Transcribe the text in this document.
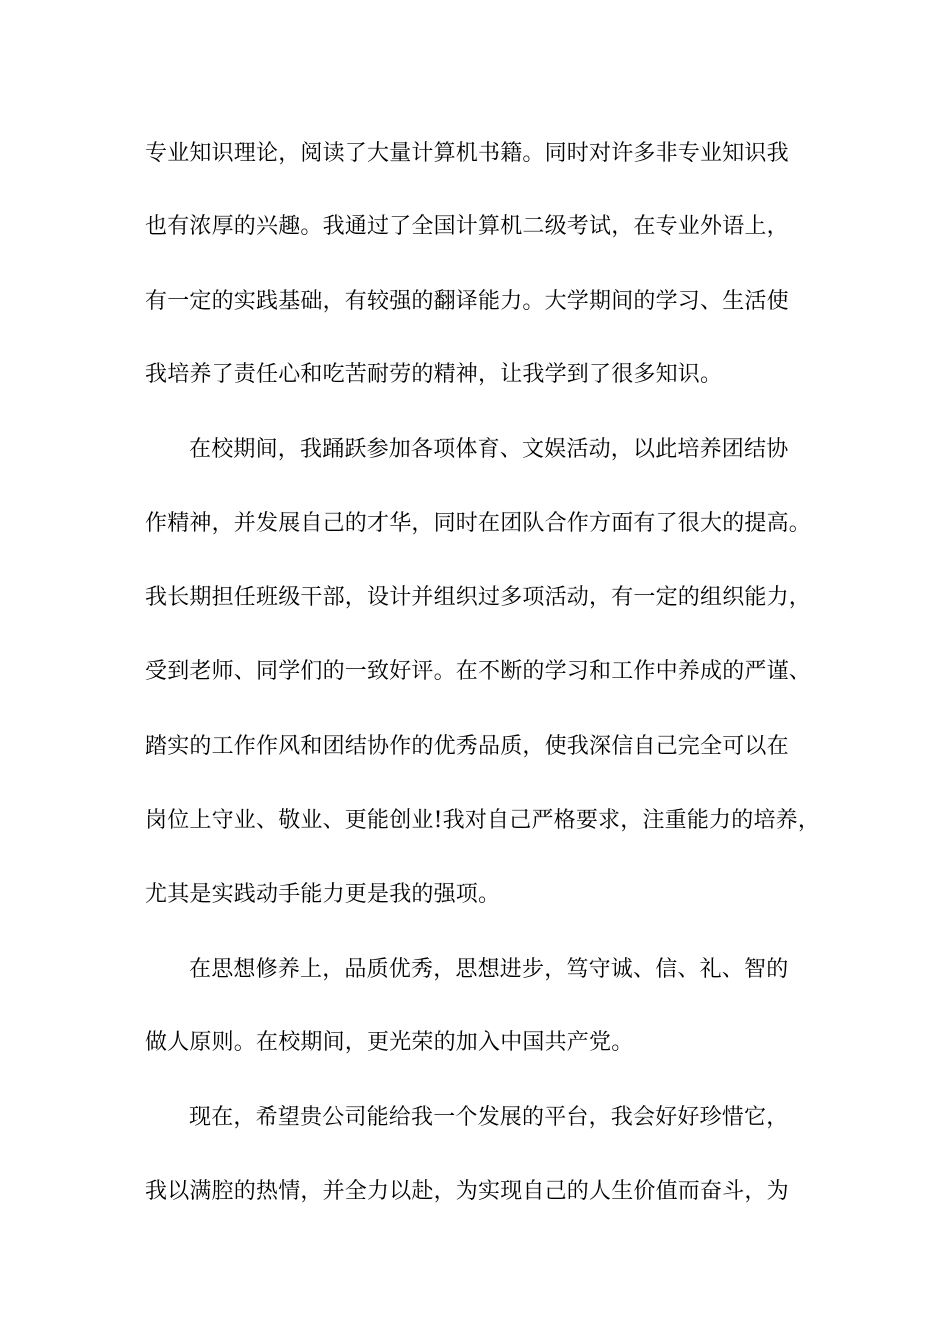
专业知识理论，阅读了大量计算机书籍。同时对许多非专业知识我
也有浓厚的兴趣。我通过了全国计算机二级考试，在专业外语上，
有一定的实践基础，有较强的翻译能力。大学期间的学习、生活使
我培养了责任心和吃苦耐劳的精神，让我学到了很多知识。
在校期间，我踊跃参加各项体育、文娱活动，以此培养团结协
作精神，并发展自己的才华，同时在团队合作方面有了很大的提高。
我长期担任班级干部，设计并组织过多项活动，有一定的组织能力，
受到老师、同学们的一致好评。在不断的学习和工作中养成的严谨、
踏实的工作作风和团结协作的优秀品质，使我深信自己完全可以在
岗位上守业、敬业、更能创业!我对自己严格要求，注重能力的培养，
尤其是实践动手能力更是我的强项。
在思想修养上，品质优秀，思想进步，笃守诚、信、礼、智的
做人原则。在校期间，更光荣的加入中国共产党。
现在，希望贵公司能给我一个发展的平台，我会好好珍惜它，
我以满腔的热情，并全力以赴，为实现自己的人生价值而奋斗，为
